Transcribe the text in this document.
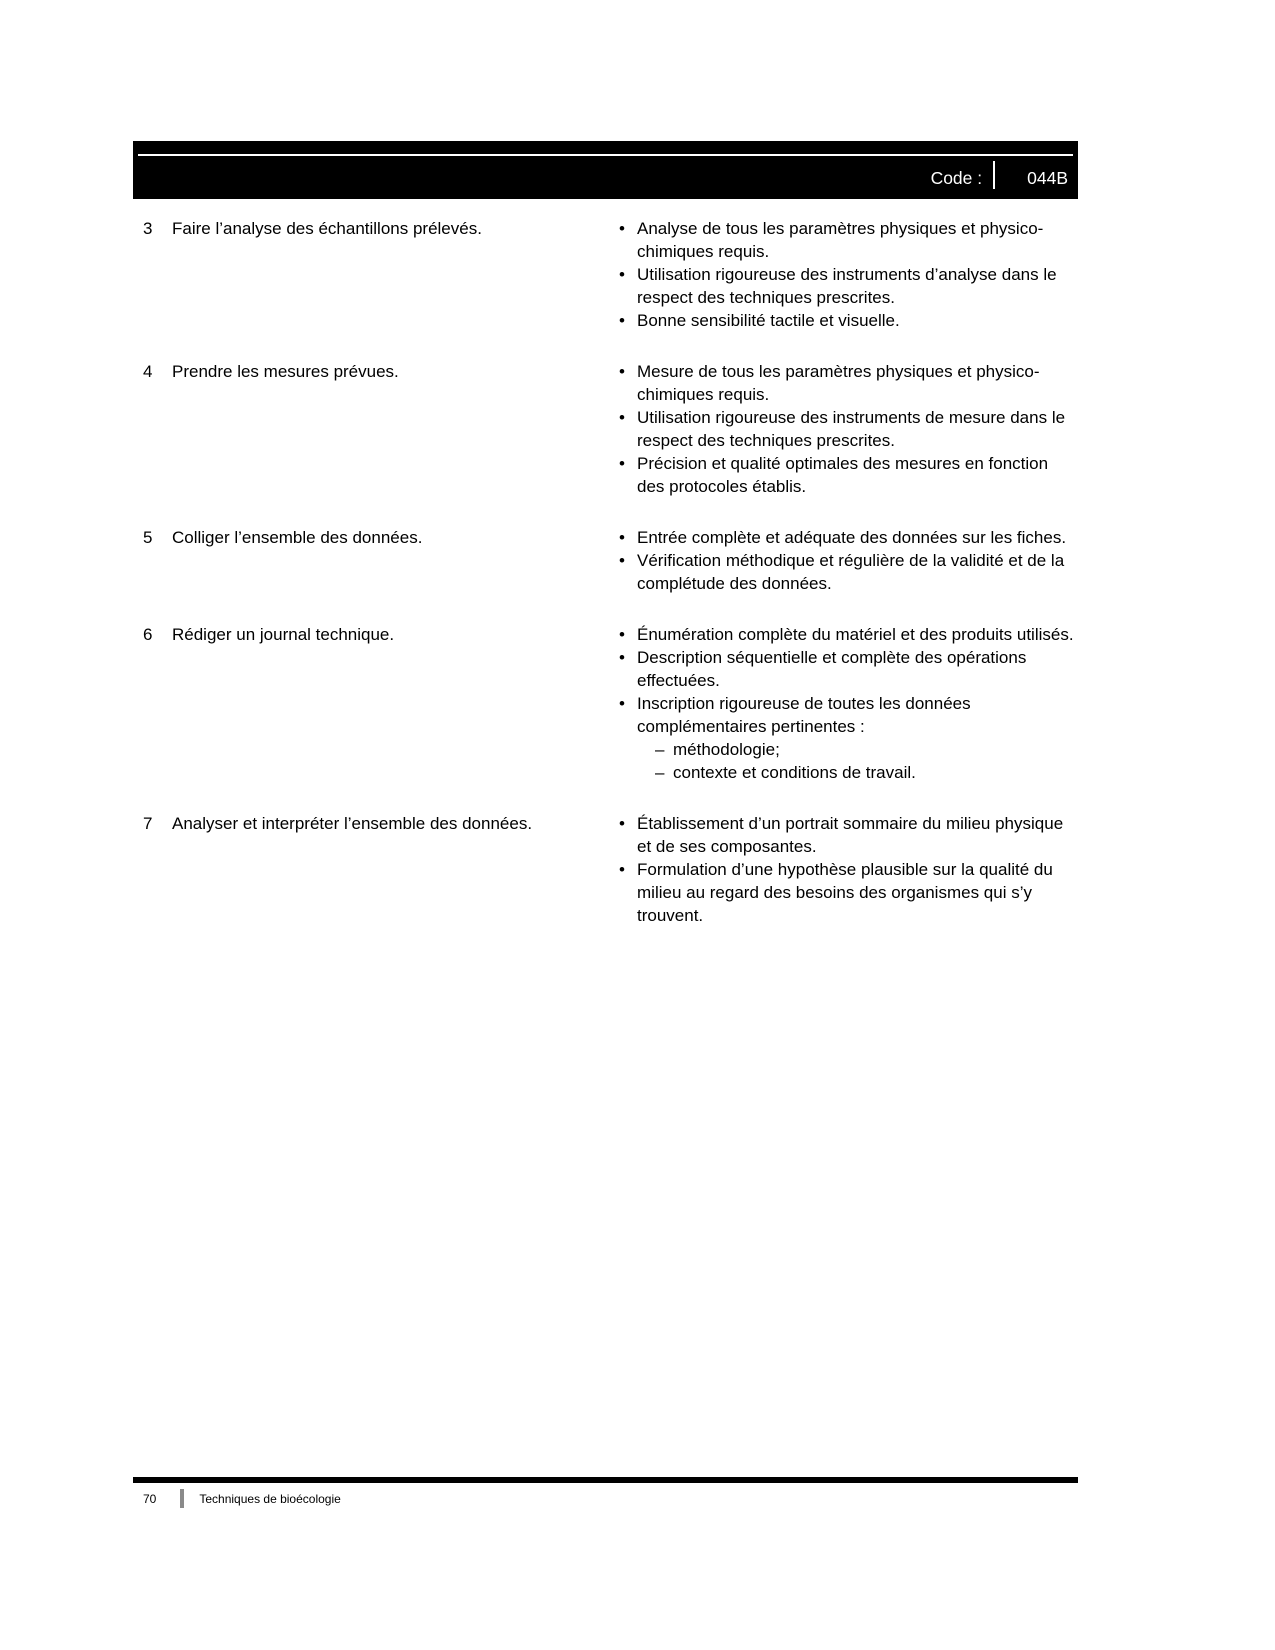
Code :	044B
3	Faire l’analyse des échantillons prélevés.	• Analyse de tous les paramètres physiques et physico-chimiques requis.
• Utilisation rigoureuse des instruments d’analyse dans le respect des techniques prescrites.
• Bonne sensibilité tactile et visuelle.
4	Prendre les mesures prévues.	• Mesure de tous les paramètres physiques et physico-chimiques requis.
• Utilisation rigoureuse des instruments de mesure dans le respect des techniques prescrites.
• Précision et qualité optimales des mesures en fonction des protocoles établis.
5	Colliger l’ensemble des données.	• Entrée complète et adéquate des données sur les fiches.
• Vérification méthodique et régulière de la validité et de la complétude des données.
6	Rédiger un journal technique.	• Énumération complète du matériel et des produits utilisés.
• Description séquentielle et complète des opérations effectuées.
• Inscription rigoureuse de toutes les données complémentaires pertinentes :
– méthodologie;
– contexte et conditions de travail.
7	Analyser et interpréter l’ensemble des données.	• Établissement d’un portrait sommaire du milieu physique et de ses composantes.
• Formulation d’une hypothèse plausible sur la qualité du milieu au regard des besoins des organismes qui s’y trouvent.
70	Techniques de bioécologie
